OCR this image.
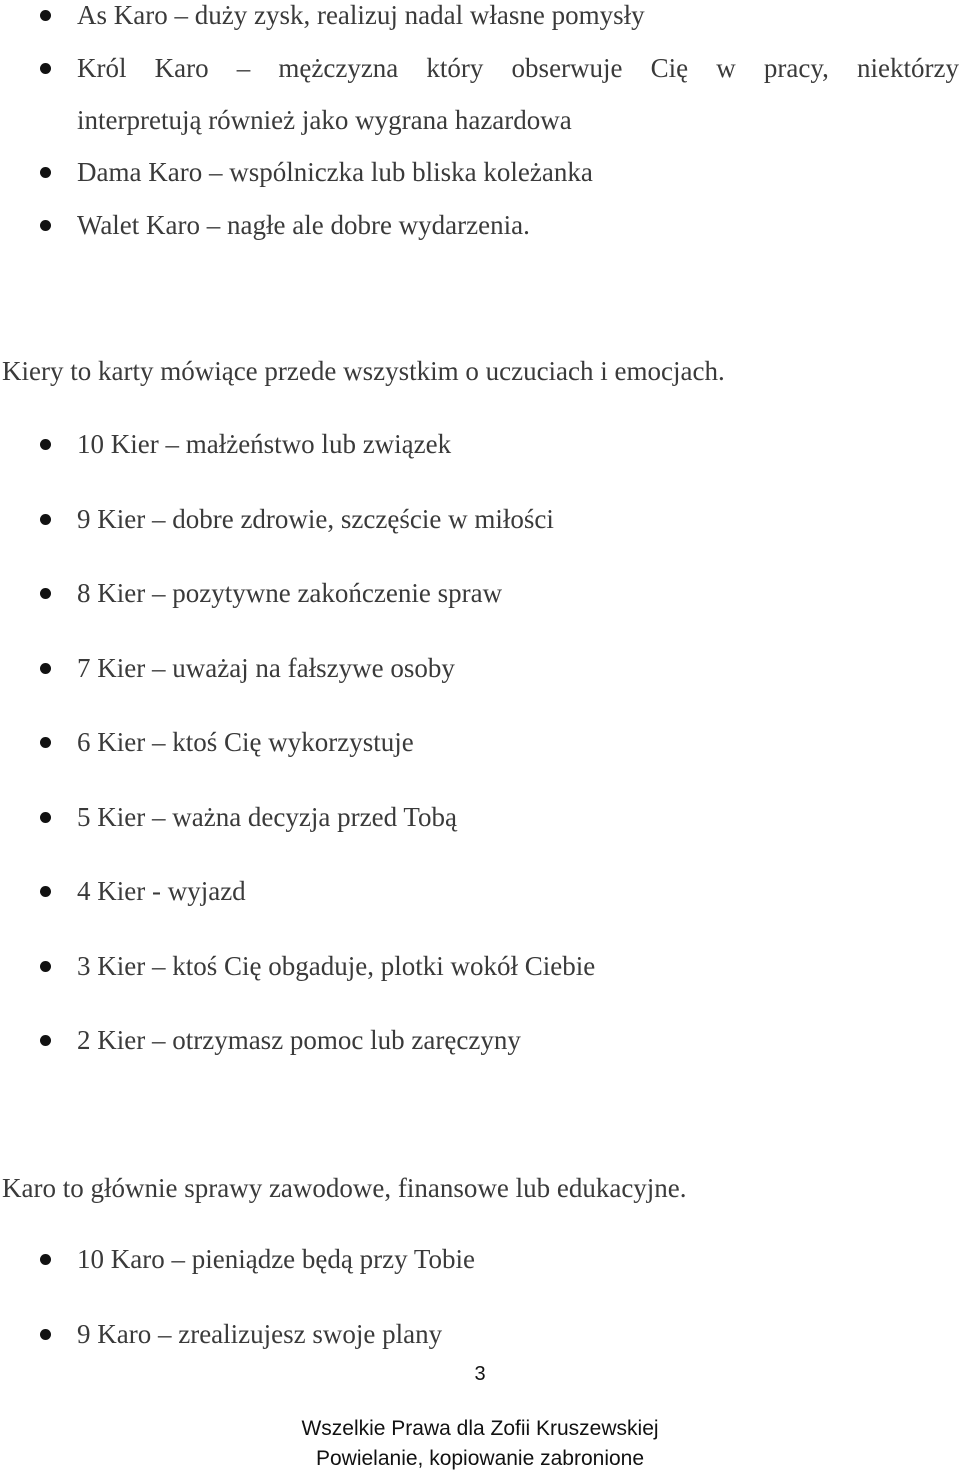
As Karo – duży zysk, realizuj nadal własne pomysły
Król Karo – mężczyzna który obserwuje Cię w pracy, niektórzy
interpretują również jako wygrana hazardowa
Dama Karo – wspólniczka lub bliska koleżanka
Walet Karo – nagłe ale dobre wydarzenia.
Kiery to karty mówiące przede wszystkim o uczuciach i emocjach.
10 Kier – małżeństwo lub związek
9 Kier – dobre zdrowie, szczęście w miłości
8 Kier – pozytywne zakończenie spraw
7 Kier – uważaj na fałszywe osoby
6 Kier – ktoś Cię wykorzystuje
5 Kier – ważna decyzja przed Tobą
4 Kier - wyjazd
3 Kier – ktoś Cię obgaduje, plotki wokół Ciebie
2 Kier – otrzymasz pomoc lub zaręczyny
Karo to głównie sprawy zawodowe, finansowe lub edukacyjne.
10 Karo – pieniądze będą przy Tobie
9 Karo – zrealizujesz swoje plany
3
Wszelkie Prawa dla Zofii Kruszewskiej
Powielanie, kopiowanie zabronione
